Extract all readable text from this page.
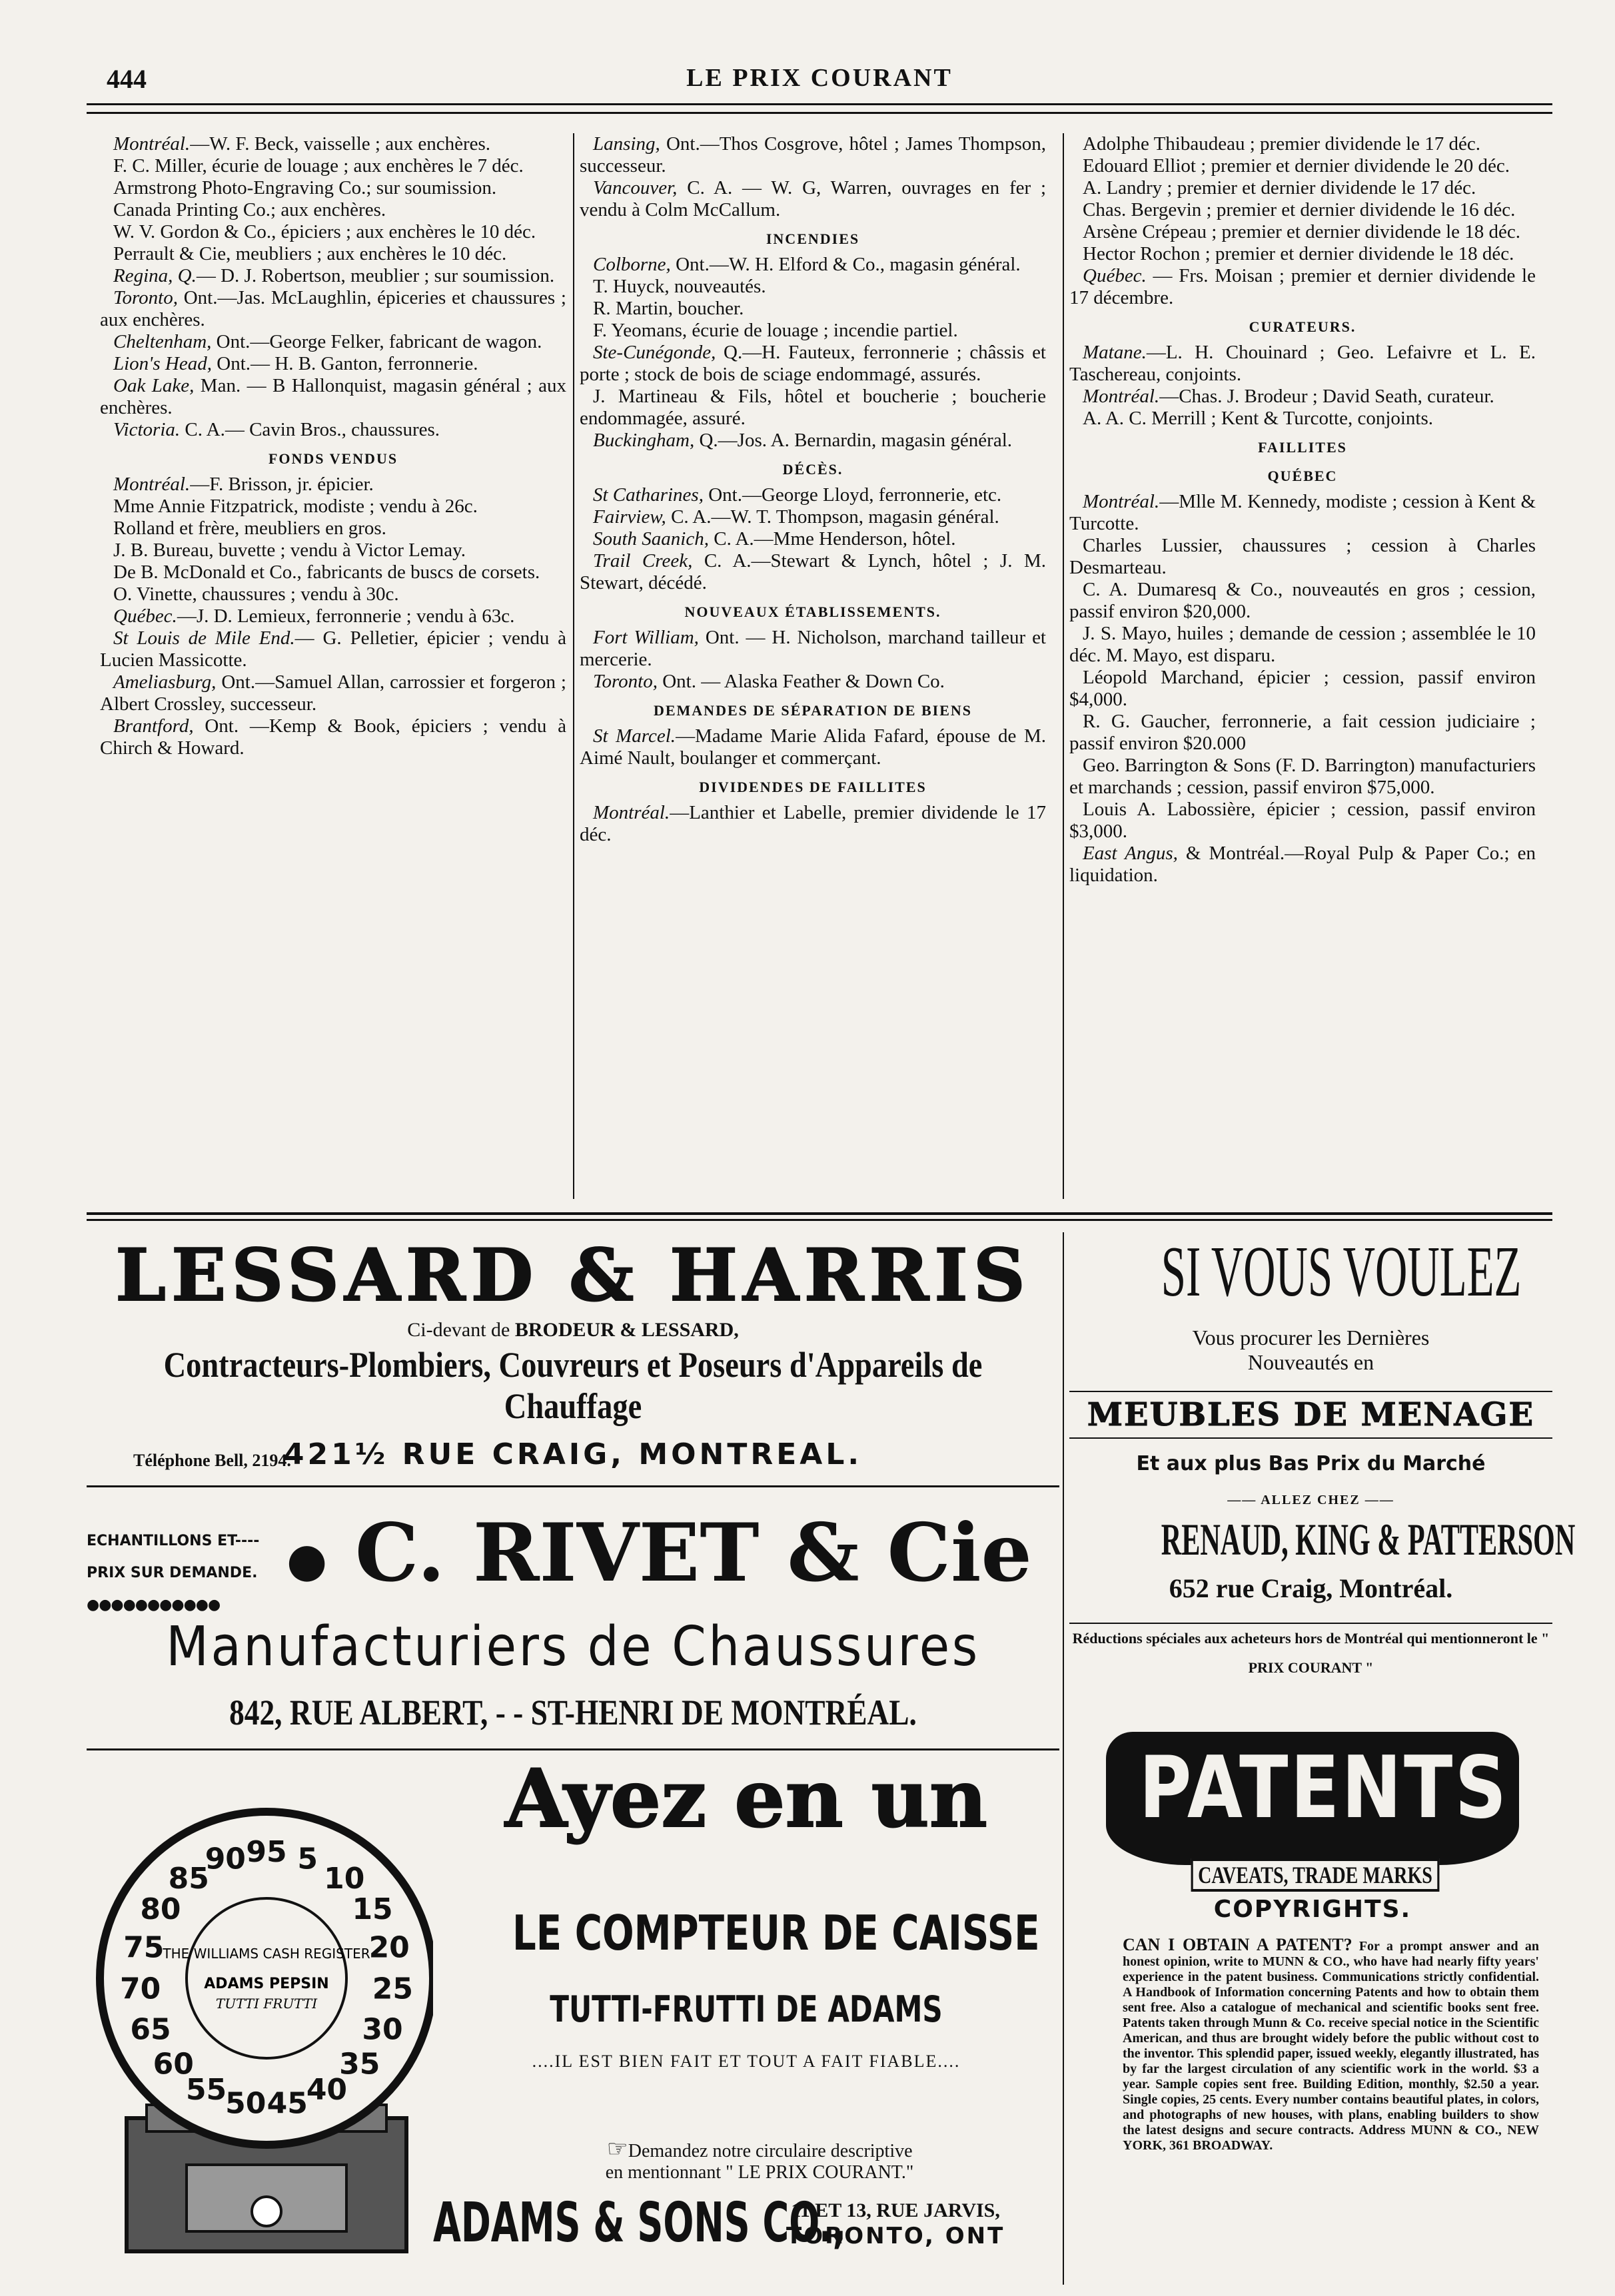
444	LE PRIX COURANT

Montréal.—W. F. Beck, vaisselle ; aux enchères.

F. C. Miller, écurie de louage ; aux enchères le 7 déc.

Armstrong Photo-Engraving Co.; sur soumission.

Canada Printing Co.; aux enchères.

W. V. Gordon & Co., épiciers ; aux enchères le 10 déc.

Perrault & Cie, meubliers ; aux enchères le 10 déc.

Regina, Q.— D. J. Robertson, meublier ; sur soumission.

Toronto, Ont.—Jas. McLaughlin, épiceries et chaussures ; aux enchères.

Cheltenham, Ont.—George Felker, fabricant de wagon.

Lion's Head, Ont.— H. B. Ganton, ferronnerie.

Oak Lake, Man. — B Hallonquist, magasin général ; aux enchères.

Victoria. C. A.— Cavin Bros., chaussures.

FONDS VENDUS

Montréal.—F. Brisson, jr. épicier.

Mme Annie Fitzpatrick, modiste ; vendu à 26c.

Rolland et frère, meubliers en gros.

J. B. Bureau, buvette ; vendu à Victor Lemay.

De B. McDonald et Co., fabricants de buscs de corsets.

O. Vinette, chaussures ; vendu à 30c.

Québec.—J. D. Lemieux, ferronnerie ; vendu à 63c.

St Louis de Mile End.— G. Pelletier, épicier ; vendu à Lucien Massicotte.

Ameliasburg, Ont.—Samuel Allan, carrossier et forgeron ; Albert Crossley, successeur.

Brantford, Ont. —Kemp & Book, épiciers ; vendu à Chirch & Howard.

Lansing, Ont.—Thos Cosgrove, hôtel ; James Thompson, successeur.

Vancouver, C. A. — W. G, Warren, ouvrages en fer ; vendu à Colm McCallum.

INCENDIES

Colborne, Ont.—W. H. Elford & Co., magasin général.

T. Huyck, nouveautés.

R. Martin, boucher.

F. Yeomans, écurie de louage ; incendie partiel.

Ste-Cunégonde, Q.—H. Fauteux, ferronnerie ; châssis et porte ; stock de bois de sciage endommagé, assurés.

J. Martineau & Fils, hôtel et boucherie ; boucherie endommagée, assuré.

Buckingham, Q.—Jos. A. Bernardin, magasin général.

DÉCÈS.

St Catharines, Ont.—George Lloyd, ferronnerie, etc.

Fairview, C. A.—W. T. Thompson, magasin général.

South Saanich, C. A.—Mme Henderson, hôtel.

Trail Creek, C. A.—Stewart & Lynch, hôtel ; J. M. Stewart, décédé.

NOUVEAUX ÉTABLISSEMENTS.

Fort William, Ont. — H. Nicholson, marchand tailleur et mercerie.

Toronto, Ont. — Alaska Feather & Down Co.

DEMANDES DE SÉPARATION DE BIENS

St Marcel.—Madame Marie Alida Fafard, épouse de M. Aimé Nault, boulanger et commerçant.

DIVIDENDES DE FAILLITES

Montréal.—Lanthier et Labelle, premier dividende le 17 déc.

Adolphe Thibaudeau ; premier dividende le 17 déc.

Edouard Elliot ; premier et dernier dividende le 20 déc.

A. Landry ; premier et dernier dividende le 17 déc.

Chas. Bergevin ; premier et dernier dividende le 16 déc.

Arsène Crépeau ; premier et dernier dividende le 18 déc.

Hector Rochon ; premier et dernier dividende le 18 déc.

Québec. — Frs. Moisan ; premier et dernier dividende le 17 décembre.

CURATEURS.

Matane.—L. H. Chouinard ; Geo. Lefaivre et L. E. Taschereau, conjoints.

Montréal.—Chas. J. Brodeur ; David Seath, curateur.

A. A. C. Merrill ; Kent & Turcotte, conjoints.

FAILLITES
QUÉBEC

Montréal.—Mlle M. Kennedy, modiste ; cession à Kent & Turcotte.

Charles Lussier, chaussures ; cession à Charles Desmarteau.

C. A. Dumaresq & Co., nouveautés en gros ; cession, passif environ $20,000.

J. S. Mayo, huiles ; demande de cession ; assemblée le 10 déc. M. Mayo, est disparu.

Léopold Marchand, épicier ; cession, passif environ $4,000.

R. G. Gaucher, ferronnerie, a fait cession judiciaire ; passif environ $20.000

Geo. Barrington & Sons (F. D. Barrington) manufacturiers et marchands ; cession, passif environ $75,000.

Louis A. Labossière, épicier ; cession, passif environ $3,000.

East Angus, & Montréal.—Royal Pulp & Paper Co.; en liquidation.

LESSARD & HARRIS
Ci-devant de BRODEUR & LESSARD,
Contracteurs-Plombiers, Couvreurs et Poseurs d'Appareils de Chauffage
421½ RUE CRAIG, MONTREAL.
Téléphone Bell, 2194.
ECHANTILLONS ET----
PRIX SUR DEMANDE.
●●●●●●●●●●●
● C. RIVET & Cie
Manufacturiers de Chaussures
842, RUE ALBERT, - - ST-HENRI DE MONTRÉAL.
SI VOUS VOULEZ
Vous procurer les Dernières
Nouveautés en
MEUBLES DE MENAGE
Et aux plus Bas Prix du Marché
—— ALLEZ CHEZ ——
RENAUD, KING & PATTERSON
652 rue Craig, Montréal.
Réductions spéciales aux acheteurs hors de Montréal qui mentionneront le " PRIX COURANT "
95 5
10
15
20
25
30
35
40
45
50
55
60
65
70
75
80
85
90
THE WILLIAMS CASH REGISTER
ADAMS PEPSIN
TUTTI FRUTTI
Ayez en un
LE COMPTEUR DE CAISSE
TUTTI-FRUTTI DE ADAMS
....IL EST BIEN FAIT ET TOUT A FAIT FIABLE....
☞Demandez notre circulaire descriptive
en mentionnant " LE PRIX COURANT."
ADAMS & SONS CO.,
11 ET 13, RUE JARVIS,
TORONTO, ONT
PATENTS
CAVEATS, TRADE MARKS
COPYRIGHTS.
CAN I OBTAIN A PATENT? For a prompt answer and an honest opinion, write to MUNN & CO., who have had nearly fifty years' experience in the patent business. Communications strictly confidential. A Handbook of Information concerning Patents and how to obtain them sent free. Also a catalogue of mechanical and scientific books sent free. Patents taken through Munn & Co. receive special notice in the Scientific American, and thus are brought widely before the public without cost to the inventor. This splendid paper, issued weekly, elegantly illustrated, has by far the largest circulation of any scientific work in the world. $3 a year. Sample copies sent free. Building Edition, monthly, $2.50 a year. Single copies, 25 cents. Every number contains beautiful plates, in colors, and photographs of new houses, with plans, enabling builders to show the latest designs and secure contracts. Address MUNN & CO., NEW YORK, 361 BROADWAY.
